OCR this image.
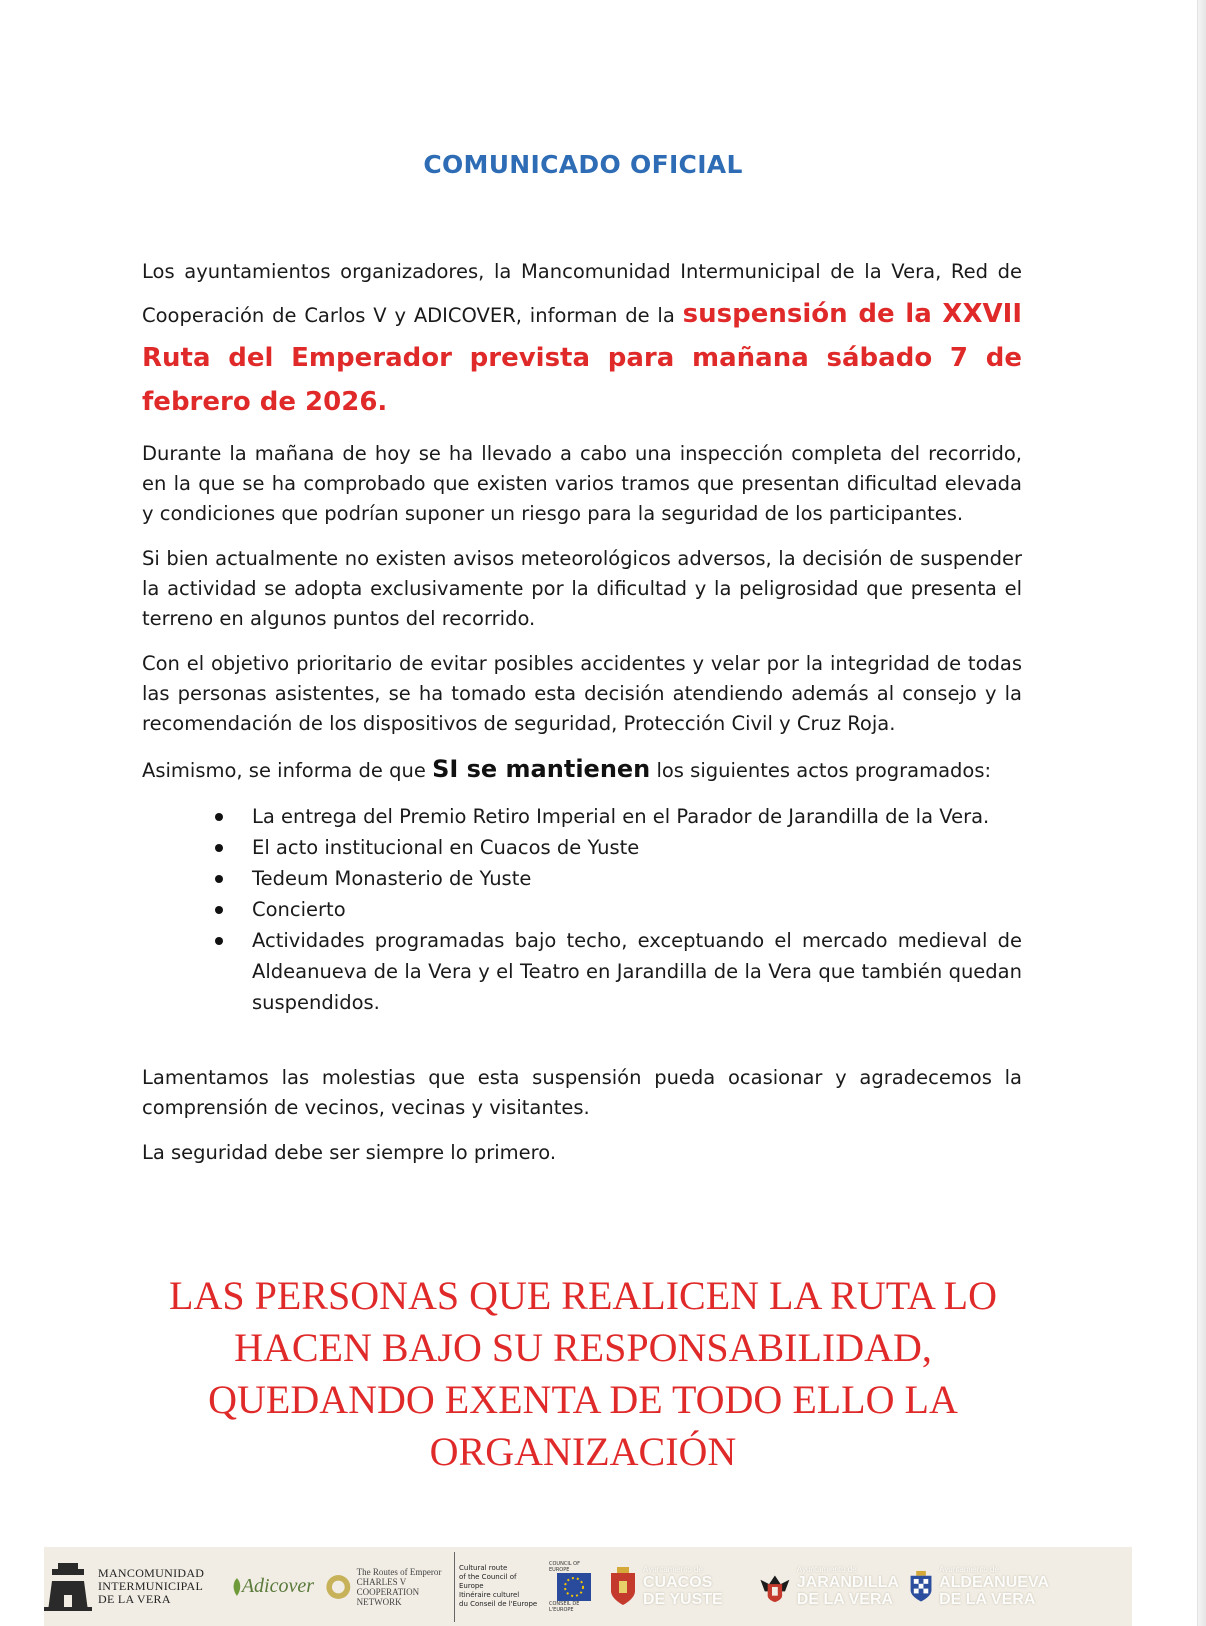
COMUNICADO OFICIAL

Los ayuntamientos organizadores, la Mancomunidad Intermunicipal de la Vera, Red de Cooperación de Carlos V y ADICOVER, informan de la suspensión de la XXVII Ruta del Emperador prevista para mañana sábado 7 de febrero de 2026.

Durante la mañana de hoy se ha llevado a cabo una inspección completa del recorrido, en la que se ha comprobado que existen varios tramos que presentan dificultad elevada y condiciones que podrían suponer un riesgo para la seguridad de los participantes.

Si bien actualmente no existen avisos meteorológicos adversos, la decisión de suspender la actividad se adopta exclusivamente por la dificultad y la peligrosidad que presenta el terreno en algunos puntos del recorrido.

Con el objetivo prioritario de evitar posibles accidentes y velar por la integridad de todas las personas asistentes, se ha tomado esta decisión atendiendo además al consejo y la recomendación de los dispositivos de seguridad, Protección Civil y Cruz Roja.

Asimismo, se informa de que SI se mantienen los siguientes actos programados:

La entrega del Premio Retiro Imperial en el Parador de Jarandilla de la Vera.
El acto institucional en Cuacos de Yuste
Tedeum Monasterio de Yuste
Concierto
Actividades programadas bajo techo, exceptuando el mercado medieval de Aldeanueva de la Vera y el Teatro en Jarandilla de la Vera que también quedan suspendidos.

Lamentamos las molestias que esta suspensión pueda ocasionar y agradecemos la comprensión de vecinos, vecinas y visitantes.

La seguridad debe ser siempre lo primero.

LAS PERSONAS QUE REALICEN LA RUTA LO
HACEN BAJO SU RESPONSABILIDAD,
QUEDANDO EXENTA DE TODO ELLO LA
ORGANIZACIÓN
MANCOMUNIDAD
INTERMUNICIPAL
DE LA VERA
Adicover
The Routes of Emperor
CHARLES V
COOPERATION NETWORK
Cultural route
of the Council of Europe
Itinéraire culturel
du Conseil de l'Europe
COUNCIL OF EUROPE
CONSEIL DE L'EUROPE
Ayuntamiento de
CUACOS
DE YUSTE
Ayuntamiento de
JARANDILLA
DE LA VERA
Ayuntamiento de
ALDEANUEVA
DE LA VERA
